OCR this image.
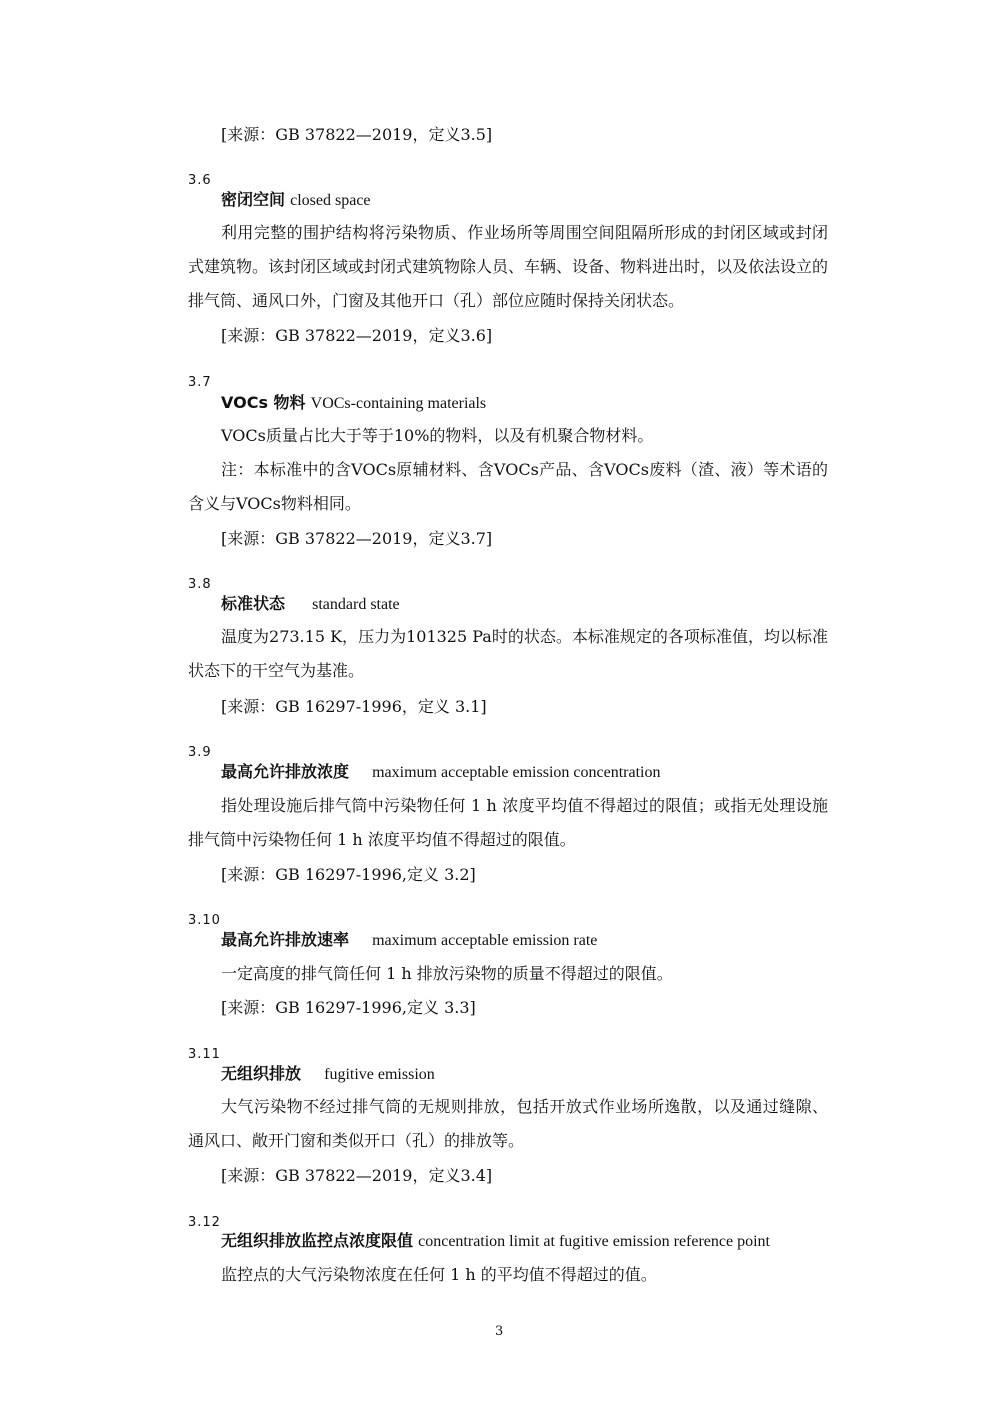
[来源：GB 37822—2019，定义3.5]
3.6
密闭空间 closed space
利用完整的围护结构将污染物质、作业场所等周围空间阻隔所形成的封闭区域或封闭式建筑物。该封闭区域或封闭式建筑物除人员、车辆、设备、物料进出时，以及依法设立的排气筒、通风口外，门窗及其他开口（孔）部位应随时保持关闭状态。
[来源：GB 37822—2019，定义3.6]
3.7
VOCs 物料 VOCs-containing materials
VOCs质量占比大于等于10%的物料，以及有机聚合物材料。
注：本标准中的含VOCs原辅材料、含VOCs产品、含VOCs废料（渣、液）等术语的含义与VOCs物料相同。
[来源：GB 37822—2019，定义3.7]
3.8
标准状态 standard state
温度为273.15 K，压力为101325 Pa时的状态。本标准规定的各项标准值，均以标准状态下的干空气为基准。
[来源：GB 16297-1996，定义 3.1]
3.9
最高允许排放浓度 maximum acceptable emission concentration
指处理设施后排气筒中污染物任何 1 h 浓度平均值不得超过的限值；或指无处理设施排气筒中污染物任何 1 h 浓度平均值不得超过的限值。
[来源：GB 16297-1996,定义 3.2]
3.10
最高允许排放速率 maximum acceptable emission rate
一定高度的排气筒任何 1 h 排放污染物的质量不得超过的限值。
[来源：GB 16297-1996,定义 3.3]
3.11
无组织排放 fugitive emission
大气污染物不经过排气筒的无规则排放，包括开放式作业场所逸散，以及通过缝隙、通风口、敞开门窗和类似开口（孔）的排放等。
[来源：GB 37822—2019，定义3.4]
3.12
无组织排放监控点浓度限值 concentration limit at fugitive emission reference point
监控点的大气污染物浓度在任何 1 h 的平均值不得超过的值。
3
